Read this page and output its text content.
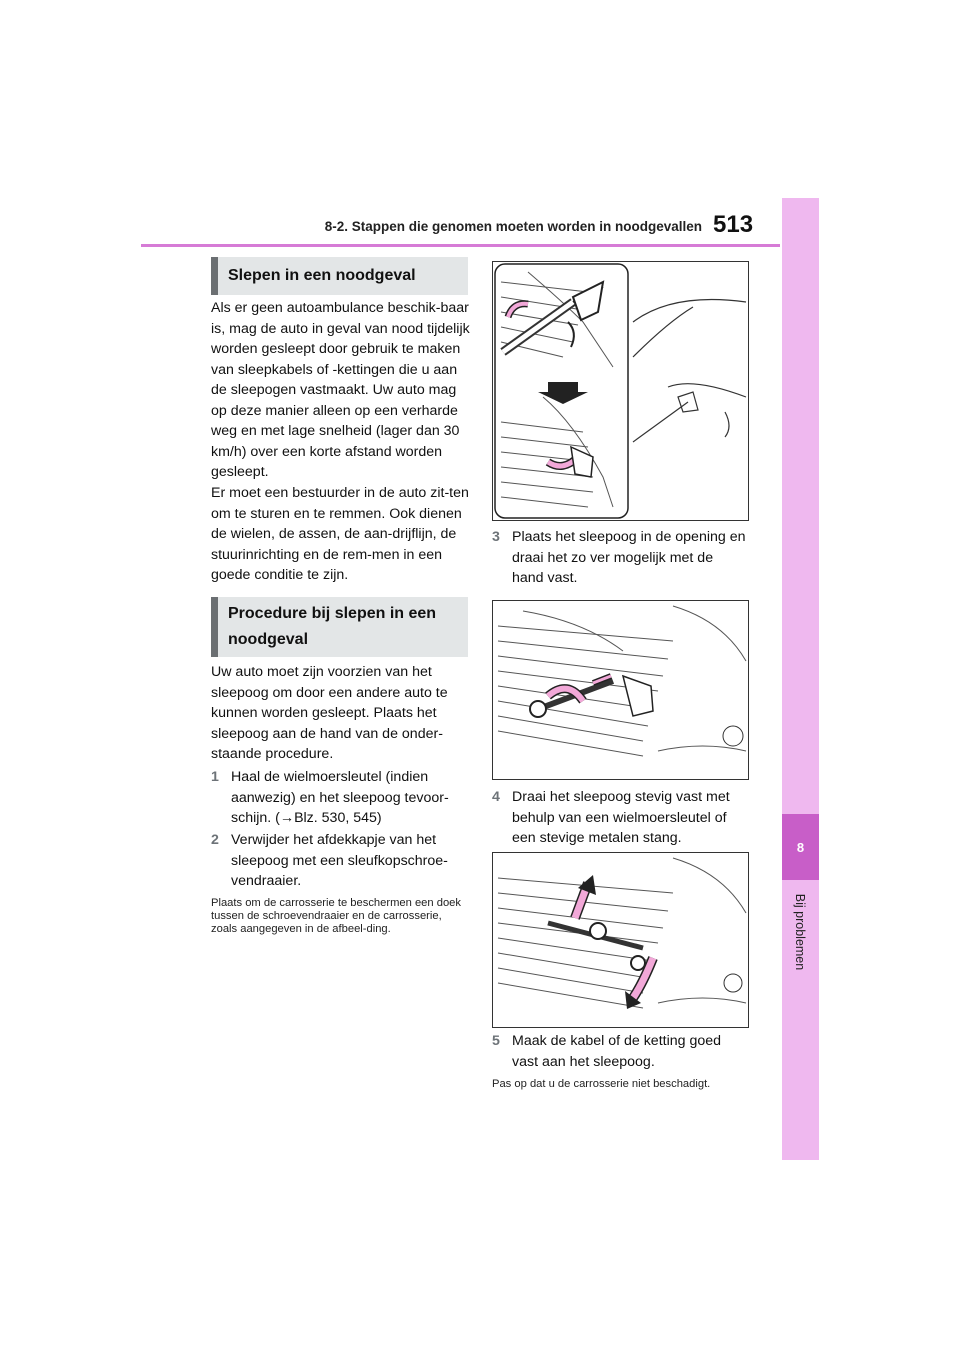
8-2. Stappen die genomen moeten worden in noodgevallen 513
8
Bij problemen
Slepen in een noodgeval

Als er geen autoambulance beschik-baar is, mag de auto in geval van nood tijdelijk worden gesleept door gebruik te maken van sleepkabels of -kettingen die u aan de sleepogen vastmaakt. Uw auto mag op deze manier alleen op een verharde weg en met lage snelheid (lager dan 30 km/h) over een korte afstand worden gesleept.

Er moet een bestuurder in de auto zit-ten om te sturen en te remmen. Ook dienen de wielen, de assen, de aan-drijflijn, de stuurinrichting en de rem-men in een goede conditie te zijn.

Procedure bij slepen in een noodgeval

Uw auto moet zijn voorzien van het sleepoog om door een andere auto te kunnen worden gesleept. Plaats het sleepoog aan de hand van de onder-staande procedure.

1 Haal de wielmoersleutel (indien aanwezig) en het sleepoog tevoor-schijn. (→Blz. 530, 545)
2 Verwijder het afdekkapje van het sleepoog met een sleufkopschroe-vendraaier.

Plaats om de carrosserie te beschermen een doek tussen de schroevendraaier en de carrosserie, zoals aangegeven in de afbeel-ding.

3 Plaats het sleepoog in de opening en draai het zo ver mogelijk met de hand vast.
4 Draai het sleepoog stevig vast met behulp van een wielmoersleutel of een stevige metalen stang.
5 Maak de kabel of de ketting goed vast aan het sleepoog.

Pas op dat u de carrosserie niet beschadigt.
